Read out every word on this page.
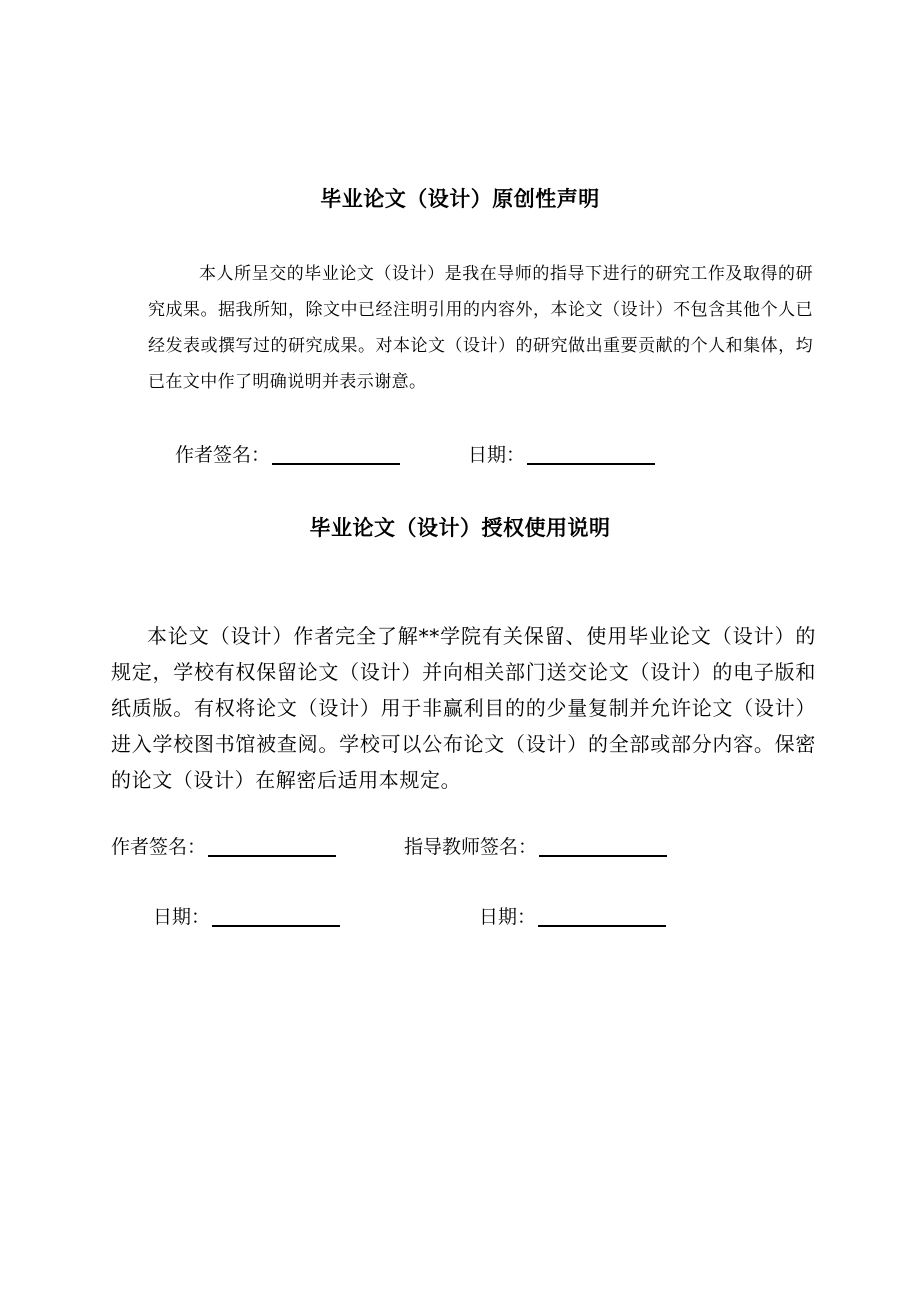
毕业论文（设计）原创性声明

本人所呈交的毕业论文（设计）是我在导师的指导下进行的研究工作及取得的研究成果。据我所知，除文中已经注明引用的内容外，本论文（设计）不包含其他个人已经发表或撰写过的研究成果。对本论文（设计）的研究做出重要贡献的个人和集体，均已在文中作了明确说明并表示谢意。

作者签名：	日期：
毕业论文（设计）授权使用说明

本论文（设计）作者完全了解**学院有关保留、使用毕业论文（设计）的规定，学校有权保留论文（设计）并向相关部门送交论文（设计）的电子版和纸质版。有权将论文（设计）用于非赢利目的的少量复制并允许论文（设计）进入学校图书馆被查阅。学校可以公布论文（设计）的全部或部分内容。保密的论文（设计）在解密后适用本规定。

作者签名：	指导教师签名：
日期：	日期：
